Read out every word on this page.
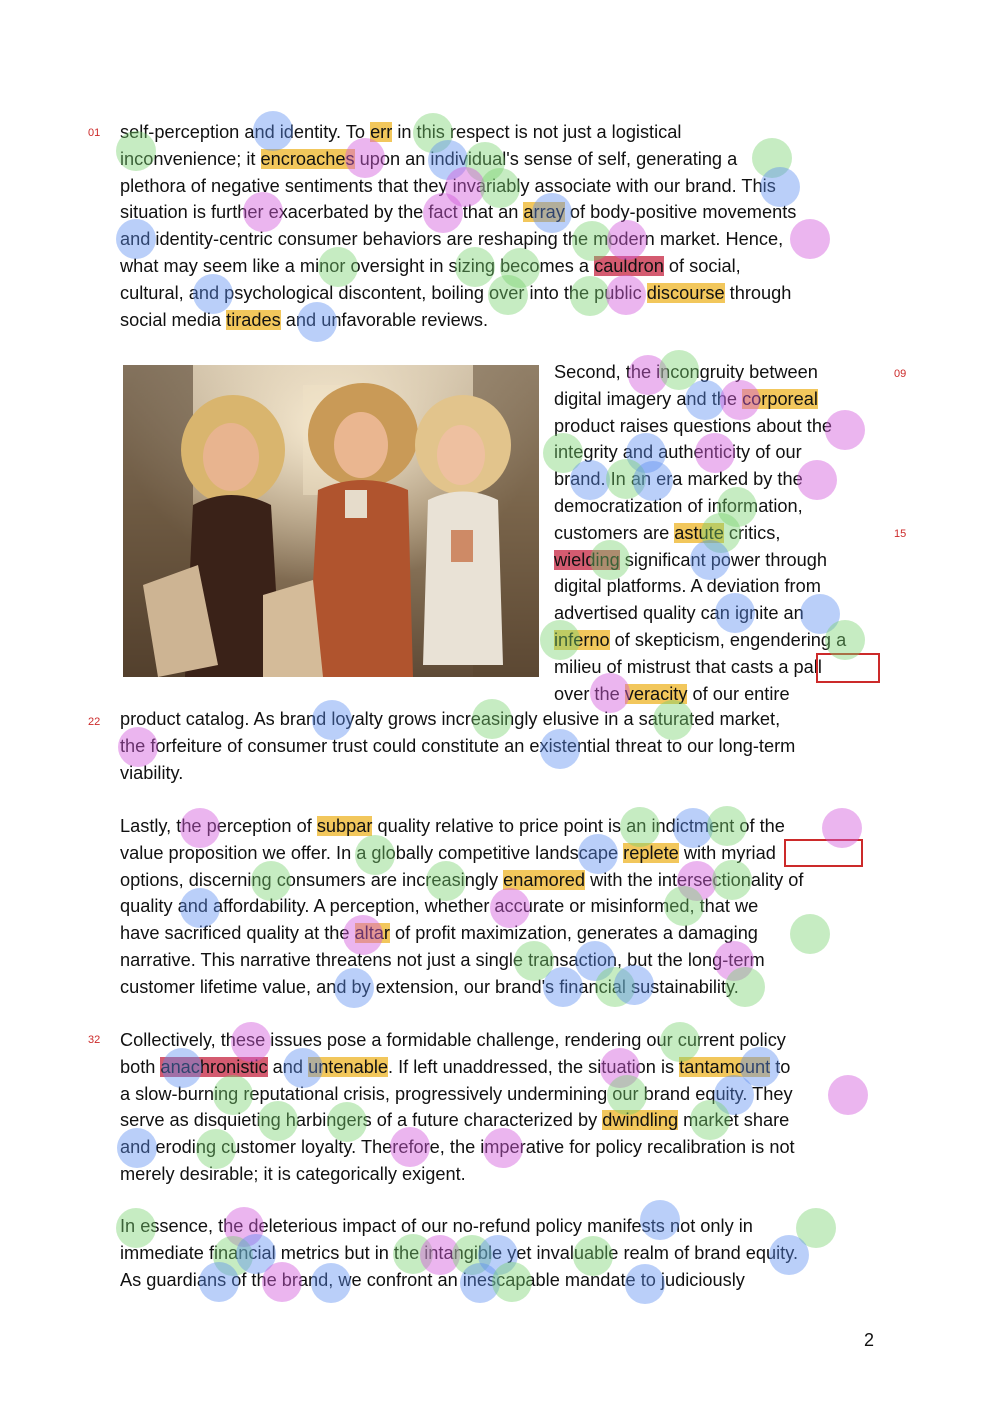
01
09
15
22
32
self-perception and identity. To err in this respect is not just a logistical
inconvenience; it encroaches upon an individual's sense of self, generating a
plethora of negative sentiments that they invariably associate with our brand. This
situation is further exacerbated by the fact that an array of body-positive movements
and identity-centric consumer behaviors are reshaping the modern market. Hence,
what may seem like a minor oversight in sizing becomes a cauldron of social,
cultural, and psychological discontent, boiling over into the public discourse through
social media tirades and unfavorable reviews.
Second, the incongruity between
digital imagery and the corporeal
product raises questions about the
integrity and authenticity of our
brand. In an era marked by the
democratization of information,
customers are astute critics,
wielding significant power through
digital platforms. A deviation from
advertised quality can ignite an
inferno of skepticism, engendering a
milieu of mistrust that casts a pall
over the veracity of our entire
product catalog. As brand loyalty grows increasingly elusive in a saturated market,
the forfeiture of consumer trust could constitute an existential threat to our long-term
viability.
Lastly, the perception of subpar quality relative to price point is an indictment of the
value proposition we offer. In a globally competitive landscape replete with myriad
options, discerning consumers are increasingly enamored with the intersectionality of
quality and affordability. A perception, whether accurate or misinformed, that we
have sacrificed quality at the altar of profit maximization, generates a damaging
narrative. This narrative threatens not just a single transaction, but the long-term
customer lifetime value, and by extension, our brand's financial sustainability.
Collectively, these issues pose a formidable challenge, rendering our current policy
both anachronistic and untenable. If left unaddressed, the situation is tantamount to
a slow-burning reputational crisis, progressively undermining our brand equity. They
serve as disquieting harbingers of a future characterized by dwindling market share
and eroding customer loyalty. Therefore, the imperative for policy recalibration is not
merely desirable; it is categorically exigent.
In essence, the deleterious impact of our no-refund policy manifests not only in
immediate financial metrics but in the intangible yet invaluable realm of brand equity.
As guardians of the brand, we confront an inescapable mandate to judiciously
2
